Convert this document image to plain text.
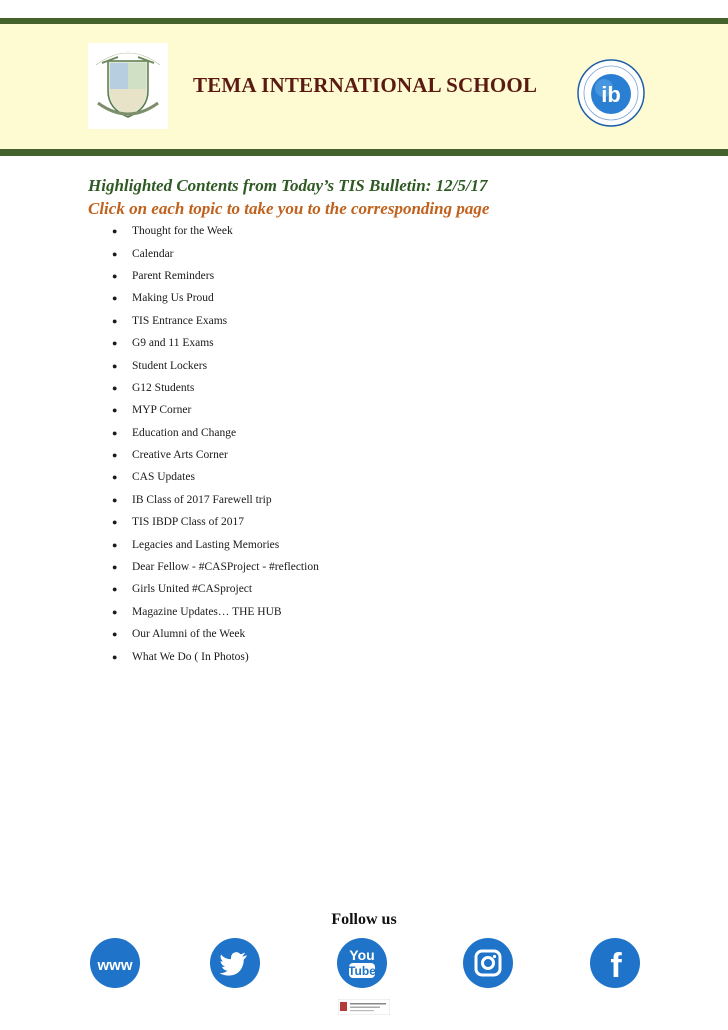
TEMA INTERNATIONAL SCHOOL	ib
Highlighted Contents from Today’s TIS Bulletin: 12/5/17
Click on each topic to take you to the corresponding page
●	Thought for the Week
●	Calendar
●	Parent Reminders
●	Making Us Proud
●	TIS Entrance Exams
●	G9 and 11 Exams
●	Student Lockers
●	G12 Students
●	MYP Corner
●	Education and Change
●	Creative Arts Corner
●	CAS Updates
●	IB Class of 2017 Farewell trip
●	TIS IBDP Class of 2017
●	Legacies and Lasting Memories
●	Dear Fellow - #CASProject - #reflection
●	Girls United #CASproject
●	Magazine Updates… THE HUB
●	Our Alumni of the Week
●	What We Do ( In Photos)
Follow us
www
You
Tube	f
